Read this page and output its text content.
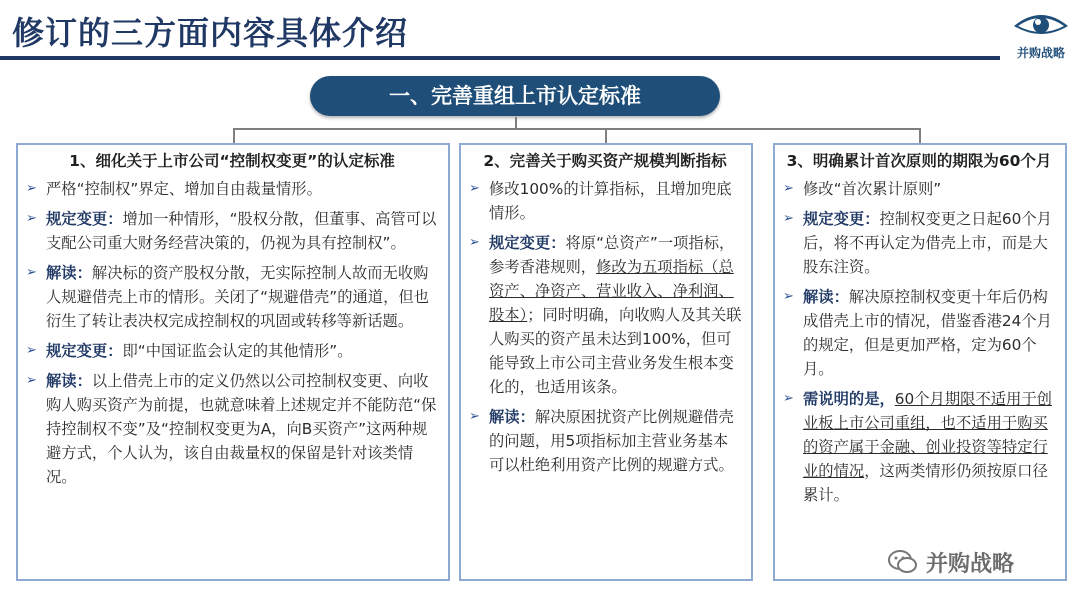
修订的三方面内容具体介绍
并购战略
一、完善重组上市认定标准
1、细化关于上市公司“控制权变更”的认定标准
➢ 严格“控制权”界定、增加自由裁量情形。
➢ 规定变更：增加一种情形，“股权分散，但董事、高管可以支配公司重大财务经营决策的，仍视为具有控制权”。
➢ 解读：解决标的资产股权分散，无实际控制人故而无收购人规避借壳上市的情形。关闭了“规避借壳”的通道，但也衍生了转让表决权完成控制权的巩固或转移等新话题。
➢ 规定变更：即“中国证监会认定的其他情形”。
➢ 解读：以上借壳上市的定义仍然以公司控制权变更、向收购人购买资产为前提，也就意味着上述规定并不能防范“保持控制权不变”及“控制权变更为A，向B买资产”这两种规避方式，个人认为，该自由裁量权的保留是针对该类情况。
2、完善关于购买资产规模判断指标
➢ 修改100%的计算指标，且增加兜底情形。
➢ 规定变更：将原“总资产”一项指标，参考香港规则，修改为五项指标（总资产、净资产、营业收入、净利润、股本）；同时明确，向收购人及其关联人购买的资产虽未达到100%，但可能导致上市公司主营业务发生根本变化的，也适用该条。
➢ 解读：解决原困扰资产比例规避借壳的问题，用5项指标加主营业务基本可以杜绝利用资产比例的规避方式。
3、明确累计首次原则的期限为60个月
➢ 修改“首次累计原则”
➢ 规定变更：控制权变更之日起60个月后，将不再认定为借壳上市，而是大股东注资。
➢ 解读：解决原控制权变更十年后仍构成借壳上市的情况，借鉴香港24个月的规定，但是更加严格，定为60个月。
➢ 需说明的是，60个月期限不适用于创业板上市公司重组，也不适用于购买的资产属于金融、创业投资等特定行业的情况，这两类情形仍须按原口径累计。
并购战略
